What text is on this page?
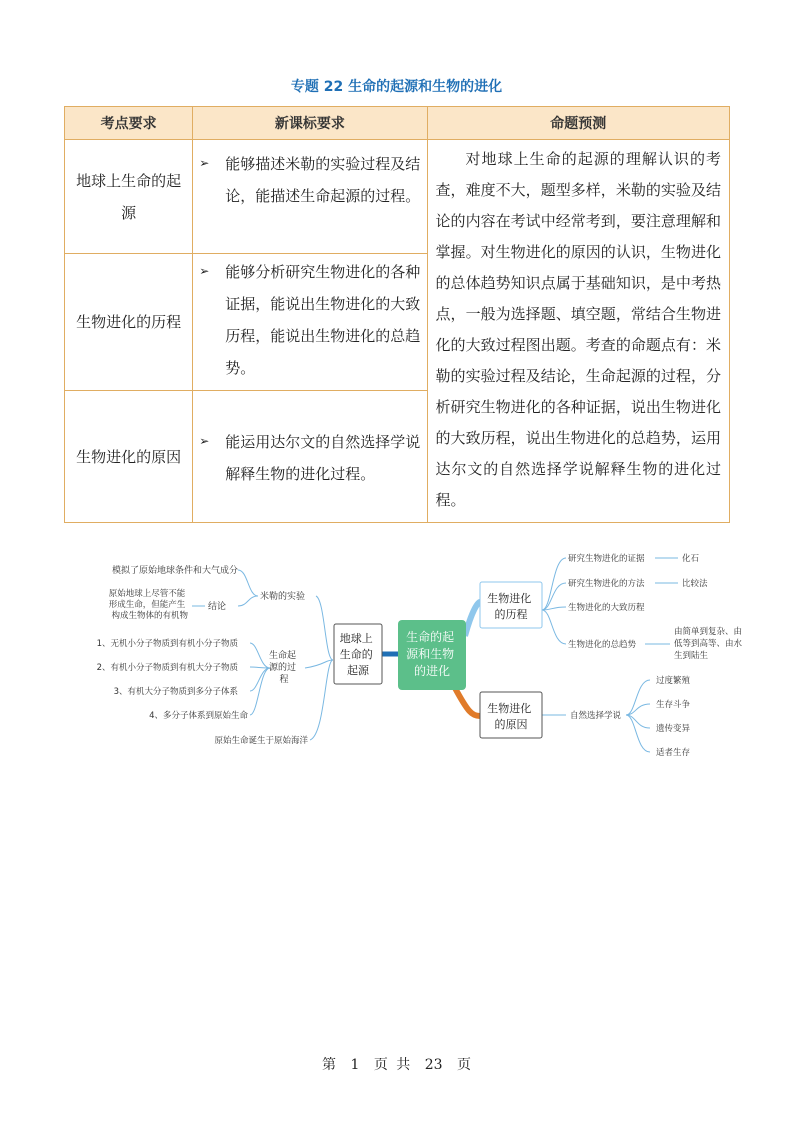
专题 22 生命的起源和生物的进化
考点要求	新课标要求	命题预测
地球上生命的起源	➢ 能够描述米勒的实验过程及结论，能描述生命起源的过程。	对地球上生命的起源的理解认识的考查，难度不大，题型多样，米勒的实验及结论的内容在考试中经常考到，要注意理解和掌握。对生物进化的原因的认识，生物进化的总体趋势知识点属于基础知识，是中考热点，一般为选择题、填空题，常结合生物进化的大致过程图出题。考查的命题点有：米勒的实验过程及结论，生命起源的过程，分析研究生物进化的各种证据，说出生物进化的大致历程，说出生物进化的总趋势，运用达尔文的自然选择学说解释生物的进化过程。

生物进化的历程	➢ 能够分析研究生物进化的各种证据，能说出生物进化的大致历程，能说出生物进化的总趋势。	

生物进化的原因	➢ 能运用达尔文的自然选择学说解释生物的进化过程。	
生命的起 源和生物 的进化
地球上 生命的 起源
米勒的实验
模拟了原始地球条件和大气成分
结论
原始地球上尽管不能 形成生命，但能产生 构成生物体的有机物
生命起 源的过 程
1、无机小分子物质到有机小分子物质
2、有机小分子物质到有机大分子物质
3、有机大分子物质到多分子体系
4、多分子体系到原始生命
原始生命诞生于原始海洋
生物进化 的历程
研究生物进化的证据	化石
研究生物进化的方法	比较法
生物进化的大致历程
生物进化的总趋势
由简单到复杂、由 低等到高等、由水 生到陆生
生物进化 的原因
自然选择学说
过度繁殖
生存斗争
遗传变异
适者生存
第 1 页 共 23 页
